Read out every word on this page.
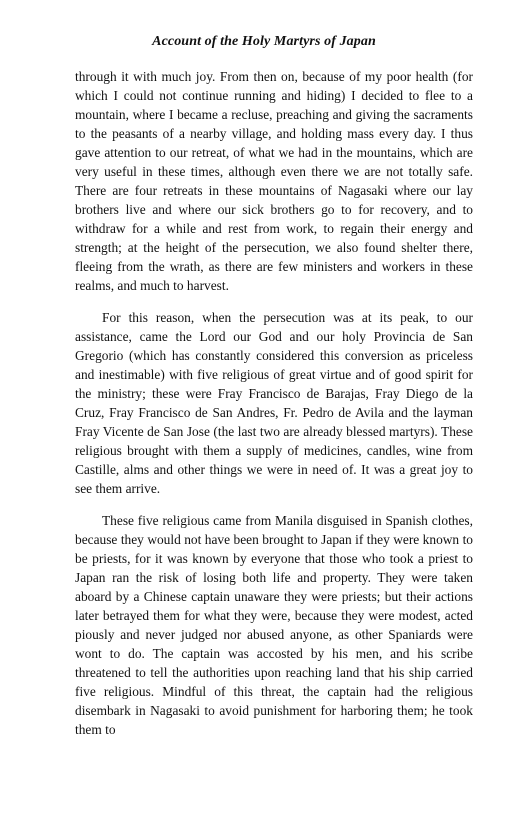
Account of the Holy Martyrs of Japan

through it with much joy. From then on, because of my poor health (for which I could not continue running and hiding) I decided to flee to a mountain, where I became a recluse, preaching and giving the sacraments to the peasants of a nearby village, and holding mass every day. I thus gave attention to our retreat, of what we had in the mountains, which are very useful in these times, although even there we are not totally safe. There are four retreats in these mountains of Nagasaki where our lay brothers live and where our sick brothers go to for recovery, and to withdraw for a while and rest from work, to regain their energy and strength; at the height of the persecution, we also found shelter there, fleeing from the wrath, as there are few ministers and workers in these realms, and much to harvest.

For this reason, when the persecution was at its peak, to our assistance, came the Lord our God and our holy Provincia de San Gregorio (which has constantly considered this conversion as priceless and inestimable) with five religious of great virtue and of good spirit for the ministry; these were Fray Francisco de Barajas, Fray Diego de la Cruz, Fray Francisco de San Andres, Fr. Pedro de Avila and the layman Fray Vicente de San Jose (the last two are already blessed martyrs). These religious brought with them a supply of medicines, candles, wine from Castille, alms and other things we were in need of. It was a great joy to see them arrive.

These five religious came from Manila disguised in Spanish clothes, because they would not have been brought to Japan if they were known to be priests, for it was known by everyone that those who took a priest to Japan ran the risk of losing both life and property. They were taken aboard by a Chinese captain unaware they were priests; but their actions later betrayed them for what they were, because they were modest, acted piously and never judged nor abused anyone, as other Spaniards were wont to do. The captain was accosted by his men, and his scribe threatened to tell the authorities upon reaching land that his ship carried five religious. Mindful of this threat, the captain had the religious disembark in Nagasaki to avoid punishment for harboring them; he took them to
